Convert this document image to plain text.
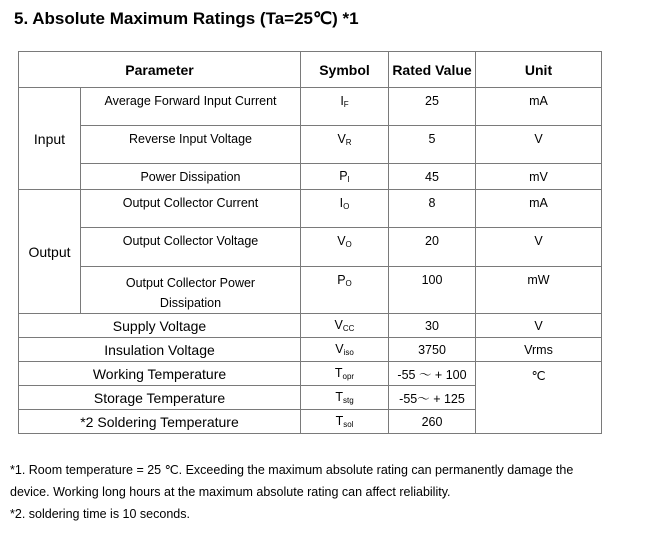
5. Absolute Maximum Ratings (Ta=25℃) *1
Parameter		Symbol	Rated Value	Unit
Input	Average Forward Input Current	$I_F$	25	mA
	Reverse Input Voltage	$V_R$	5	V
	Power Dissipation	$P_I$	45	mV
Output	Output Collector Current	$I_O$	8	mA
	Output Collector Voltage	$V_O$	20	V
	Output Collector Power Dissipation	$P_O$	100	mW
Supply Voltage		$V_{CC}$	30	V
Insulation Voltage		$V_{iso}$	3750	Vrms
Working Temperature		$T_{opr}$	-55 ～ + 100	℃
Storage Temperature		$T_{stg}$	-55～ + 125	
*2 Soldering Temperature		$T_{sol}$	260	
*1. Room temperature = 25 ℃. Exceeding the maximum absolute rating can permanently damage the
device. Working long hours at the maximum absolute rating can affect reliability.
*2. soldering time is 10 seconds.
